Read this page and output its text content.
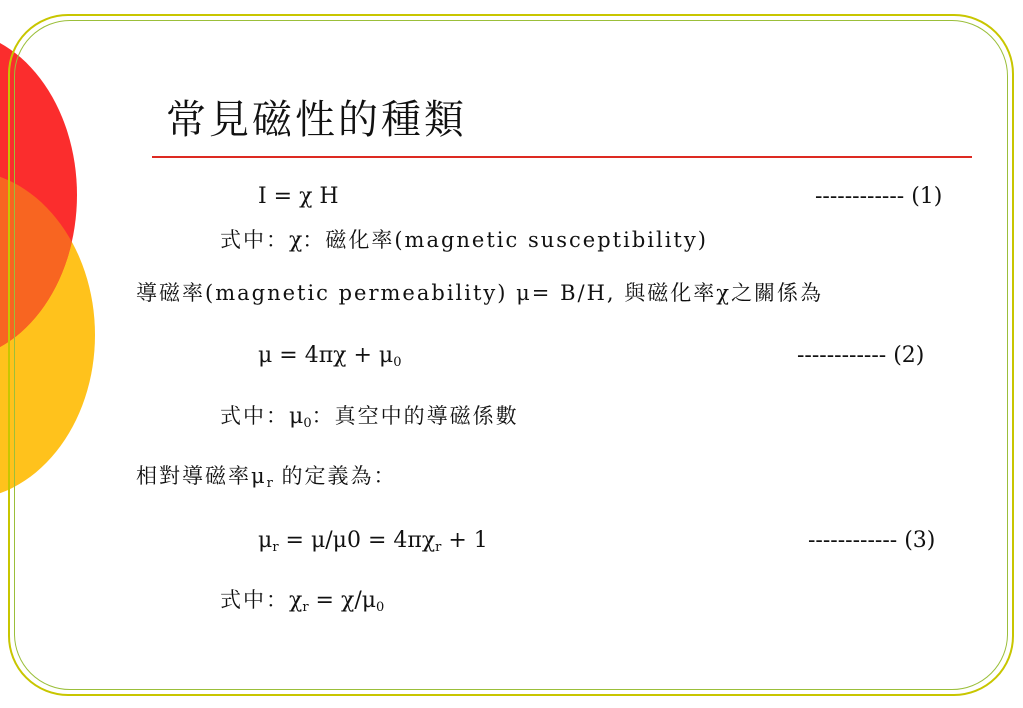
常見磁性的種類
I = χ H	------------ (1)
式中：χ：磁化率(magnetic susceptibility)
導磁率(magnetic permeability) μ= B/H, 與磁化率χ之關係為
$\mu = 4\pi\chi + \mu_0$	------------ (2)
式中：$\mu_0$：真空中的導磁係數
相對導磁率$\mu_r$ 的定義為：
$\mu_r = \mu/\mu 0 = 4\pi\chi_r + 1$	------------ (3)
式中：$\chi_r = \chi/\mu_0$
